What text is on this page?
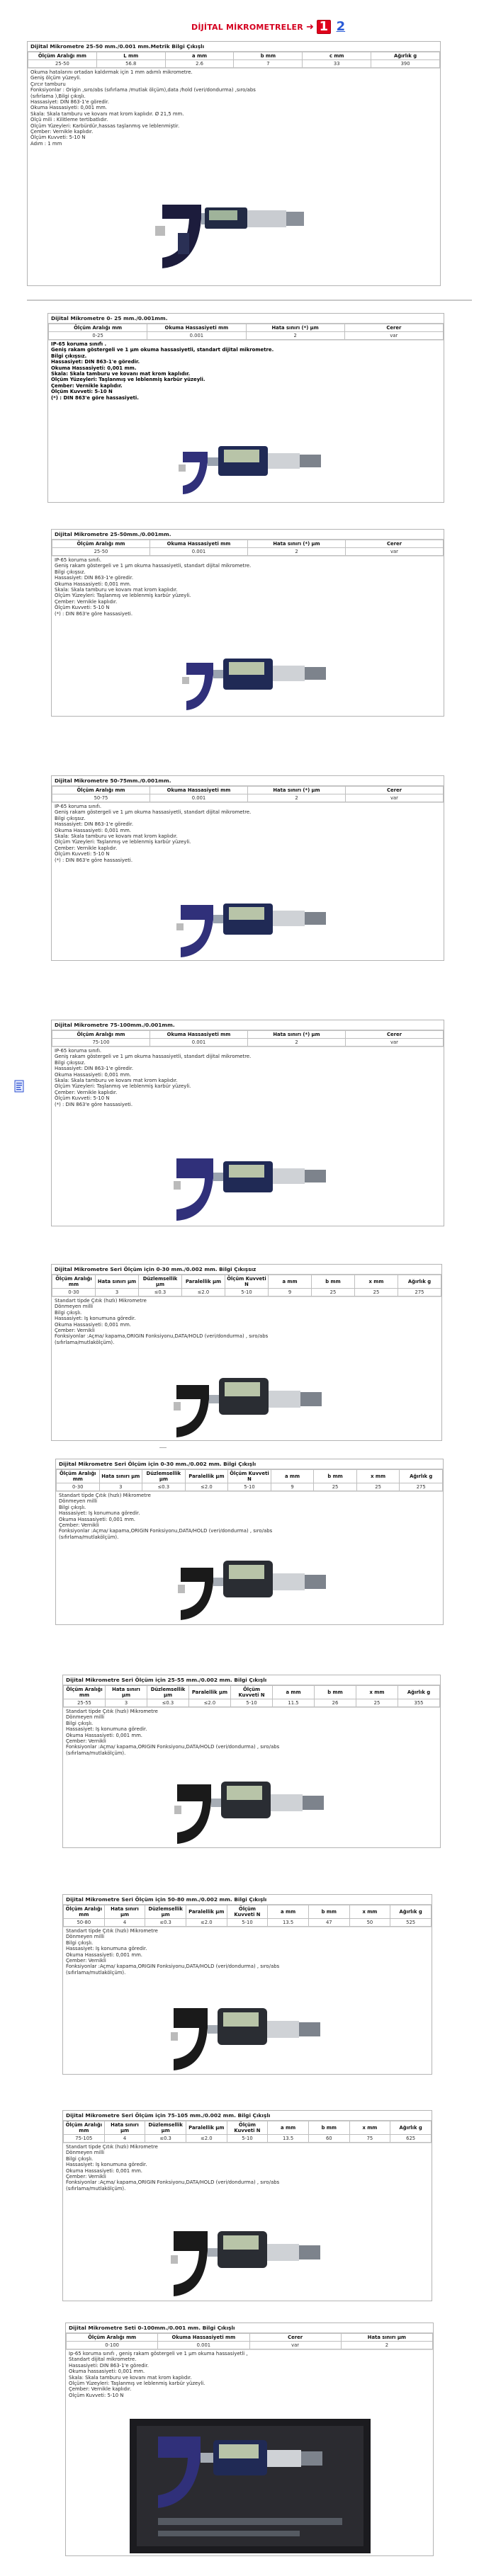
DİJİTAL MİKROMETRELER ➜ 1 2
Dijital Mikrometre 25-50 mm./0.001 mm.Metrik Bilgi Çıkışlı
Ölçüm Aralığı mm	L mm	a mm	b mm	c mm	Ağırlık g
25-50	56.8	2.6	7	33	390
Okuma hatalarını ortadan kaldırmak için 1 mm adımlı mikrometre.
Geniş ölçüm yüzeyli.
Çırcır tamburu
Fonksiyonlar : Origin ,sıro/abs (sıfırlama /mutlak ölçüm),data /hold (veri/dondurma) ,sıro/abs
(sıfırlama ),Bilgi çıkışlı.
Hassasiyet: DIN 863-1'e göredir.
Okuma Hassasiyeti: 0,001 mm.
Skala: Skala tamburu ve kovanı mat krom kaplıdır. Ø 21,5 mm.
Ölçü mili : Kilitleme tertibatlıdır.
Ölçüm Yüzeyleri: Karbürdür,hassas taşlanmış ve leblenmiştir.
Çember: Vernikle kaplıdır.
Ölçüm Kuvveti: 5-10 N
Adım : 1 mm
Dijital Mikrometre 0- 25 mm./0.001mm.
Ölçüm Aralığı mm	Okuma Hassasiyeti mm	Hata sınırı (*) µm	Cerer
0-25	0.001	2	var
IP-65 koruma sınıfı .
Geniş rakam göstergeli ve 1 µm okuma hassasiyetli, standart dijital mikrometre.
Bilgi çıkışsız.
Hassasiyet: DIN 863-1'e göredir.
Okuma Hassasiyeti: 0,001 mm.
Skala: Skala tamburu ve kovanı mat krom kaplıdır.
Ölçüm Yüzeyleri: Taşlanmış ve leblenmiş karbür yüzeyli.
Çember: Vernikle kaplıdır.
Ölçüm Kuvveti: 5-10 N
(*) : DIN 863'e göre hassasiyeti.
Dijital Mikrometre 25-50mm./0.001mm.
Ölçüm Aralığı mm	Okuma Hassasiyeti mm	Hata sınırı (*) µm	Cerer
25-50	0.001	2	var
IP-65 koruma sınıfı.
Geniş rakam göstergeli ve 1 µm okuma hassasiyetli, standart dijital mikrometre.
Bilgi çıkışsız.
Hassasiyet: DIN 863-1'e göredir.
Okuma Hassasiyeti: 0,001 mm.
Skala: Skala tamburu ve kovanı mat krom kaplıdır.
Ölçüm Yüzeyleri: Taşlanmış ve leblenmiş karbür yüzeyli.
Çember: Vernikle kaplıdır.
Ölçüm Kuvveti: 5-10 N
(*) : DIN 863'e göre hassasiyeti.
Dijital Mikrometre 50-75mm./0.001mm.
Ölçüm Aralığı mm	Okuma Hassasiyeti mm	Hata sınırı (*) µm	Cerer
50-75	0.001	2	var
IP-65 koruma sınıfı.
Geniş rakam göstergeli ve 1 µm okuma hassasiyetli, standart dijital mikrometre.
Bilgi çıkışsız.
Hassasiyet: DIN 863-1'e göredir.
Okuma Hassasiyeti: 0,001 mm.
Skala: Skala tamburu ve kovanı mat krom kaplıdır.
Ölçüm Yüzeyleri: Taşlanmış ve leblenmiş karbür yüzeyli.
Çember: Vernikle kaplıdır.
Ölçüm Kuvveti: 5-10 N
(*) : DIN 863'e göre hassasiyeti.
Dijital Mikrometre 75-100mm./0.001mm.
Ölçüm Aralığı mm	Okuma Hassasiyeti mm	Hata sınırı (*) µm	Cerer
75-100	0.001	2	var
IP-65 koruma sınıfı.
Geniş rakam göstergeli ve 1 µm okuma hassasiyetli, standart dijital mikrometre.
Bilgi çıkışsız.
Hassasiyet: DIN 863-1'e göredir.
Okuma Hassasiyeti: 0,001 mm.
Skala: Skala tamburu ve kovanı mat krom kaplıdır.
Ölçüm Yüzeyleri: Taşlanmış ve leblenmiş karbür yüzeyli.
Çember: Vernikle kaplıdır.
Ölçüm Kuvveti: 5-10 N
(*) : DIN 863'e göre hassasiyeti.
Dijital Mikrometre Seri Ölçüm için 0-30 mm./0.002 mm. Bilgi Çıkışsız
Ölçüm Aralığı mm	Hata sınırı µm	Düzlemsellik µm	Paralellik µm	Ölçüm Kuvveti N	a mm	b mm	x mm	Ağırlık g
0-30	3	≤0.3	≤2.0	5-10	9	25	25	275
Standart tipde Çıtık (hızlı) Mikrometre
Dönmeyen milli
Bilgi çıkışlı.
Hassasiyet: İş konumuna göredir.
Okuma Hassasiyeti: 0,001 mm.
Çember: Vernikli
Fonksiyonlar :Açma/ kapama,ORİGİN Fonksiyonu,DATA/HOLD (veri/dondurma) , sıro/abs
(sıfırlama/mutlakölçüm).
Dijital Mikrometre Seri Ölçüm için 0-30 mm./0.002 mm. Bilgi Çıkışlı
Ölçüm Aralığı mm	Hata sınırı µm	Düzlemsellik µm	Paralellik µm	Ölçüm Kuvveti N	a mm	b mm	x mm	Ağırlık g
0-30	3	≤0.3	≤2.0	5-10	9	25	25	275
Standart tipde Çıtık (hızlı) Mikrometre
Dönmeyen milli
Bilgi çıkışlı.
Hassasiyet: İş konumuna göredir.
Okuma Hassasiyeti: 0,001 mm.
Çember: Vernikli
Fonksiyonlar :Açma/ kapama,ORİGİN Fonksiyonu,DATA/HOLD (veri/dondurma) , sıro/abs
(sıfırlama/mutlakölçüm).
Dijital Mikrometre Seri Ölçüm için 25-55 mm./0.002 mm. Bilgi Çıkışlı
Ölçüm Aralığı mm	Hata sınırı µm	Düzlemsellik µm	Paralellik µm	Ölçüm Kuvveti N	a mm	b mm	x mm	Ağırlık g
25-55	3	≤0.3	≤2.0	5-10	11.5	26	25	355
Standart tipde Çıtık (hızlı) Mikrometre
Dönmeyen milli
Bilgi çıkışlı.
Hassasiyet: İş konumuna göredir.
Okuma Hassasiyeti: 0,001 mm.
Çember: Vernikli
Fonksiyonlar :Açma/ kapama,ORİGİN Fonksiyonu,DATA/HOLD (veri/dondurma) , sıro/abs
(sıfırlama/mutlakölçüm).
Dijital Mikrometre Seri Ölçüm için 50-80 mm./0.002 mm. Bilgi Çıkışlı
Ölçüm Aralığı mm	Hata sınırı µm	Düzlemsellik µm	Paralellik µm	Ölçüm Kuvveti N	a mm	b mm	x mm	Ağırlık g
50-80	4	≤0.3	≤2.0	5-10	13.5	47	50	525
Standart tipde Çıtık (hızlı) Mikrometre
Dönmeyen milli
Bilgi çıkışlı.
Hassasiyet: İş konumuna göredir.
Okuma Hassasiyeti: 0,001 mm.
Çember: Vernikli
Fonksiyonlar :Açma/ kapama,ORİGİN Fonksiyonu,DATA/HOLD (veri/dondurma) , sıro/abs
(sıfırlama/mutlakölçüm).
Dijital Mikrometre Seri Ölçüm için 75-105 mm./0.002 mm. Bilgi Çıkışlı
Ölçüm Aralığı mm	Hata sınırı µm	Düzlemsellik µm	Paralellik µm	Ölçüm Kuvveti N	a mm	b mm	x mm	Ağırlık g
75-105	4	≤0.3	≤2.0	5-10	13.5	60	75	625
Standart tipde Çıtık (hızlı) Mikrometre
Dönmeyen milli
Bilgi çıkışlı.
Hassasiyet: İş konumuna göredir.
Okuma Hassasiyeti: 0,001 mm.
Çember: Vernikli
Fonksiyonlar :Açma/ kapama,ORİGİN Fonksiyonu,DATA/HOLD (veri/dondurma) , sıro/abs
(sıfırlama/mutlakölçüm).
Dijital Mikrometre Seti 0-100mm./0.001 mm. Bilgi Çıkışlı
Ölçüm Aralığı mm	Okuma Hassasiyeti mm	Cerer	Hata sınırı µm
0-100	0.001	var	2
Ip-65 koruma sınıfı , geniş rakam göstergeli ve 1 µm okuma hassasiyetli ,
Standart dijital mikrometre.
Hassasiyeti: DIN 863-1'e göredir.
Okuma hassasiyeti: 0,001 mm.
Skala: Skala tamburu ve kovanı mat krom kaplıdır.
Ölçüm Yüzeyleri: Taşlanmış ve leblenmiş karbür yüzeyli.
Çember: Vernikle kaplıdır.
Ölçüm Kuvveti: 5-10 N
